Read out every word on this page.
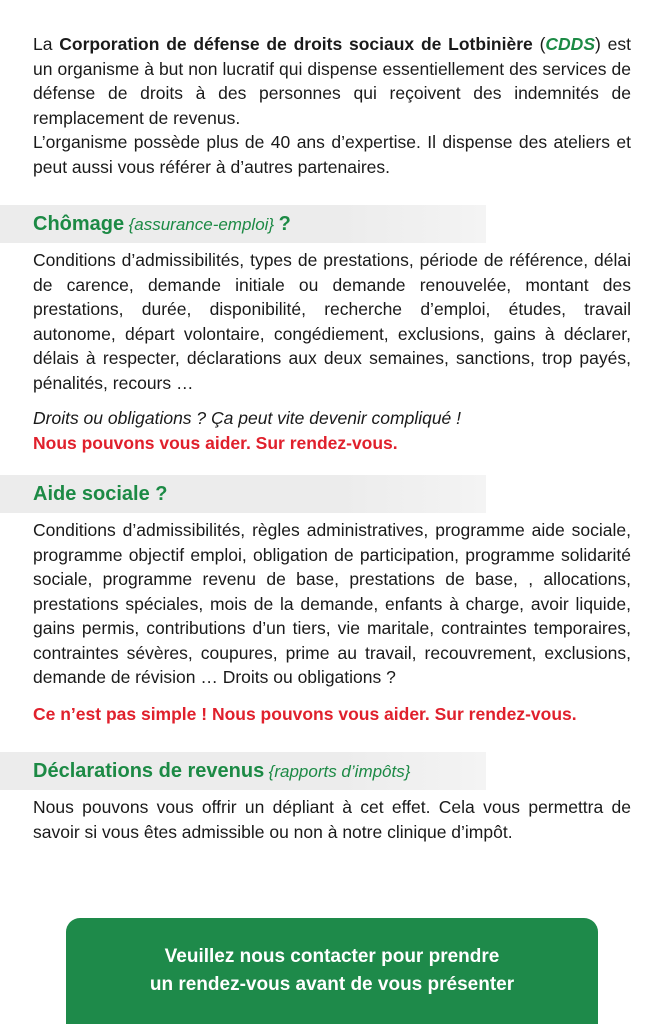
La Corporation de défense de droits sociaux de Lotbinière (CDDS) est un organisme à but non lucratif qui dispense essentiellement des services de défense de droits à des personnes qui reçoivent des indemnités de remplacement de revenus.

L’organisme possède plus de 40 ans d’expertise. Il dispense des ateliers et peut aussi vous référer à d’autres partenaires.

Chômage {assurance-emploi} ?

Conditions d’admissibilités, types de prestations, période de référence, délai de carence, demande initiale ou demande renouvelée, montant des prestations, durée, disponibilité, recherche d’emploi, études, travail autonome, départ volontaire, congédiement, exclusions, gains à déclarer, délais à respecter, déclarations aux deux semaines, sanctions, trop payés, pénalités, recours …

Droits ou obligations ? Ça peut vite devenir compliqué !

Nous pouvons vous aider. Sur rendez-vous.

Aide sociale ?

Conditions d’admissibilités, règles administratives, programme aide sociale, programme objectif emploi, obligation de participation, programme solidarité sociale, programme revenu de base, prestations de base, , allocations, prestations spéciales, mois de la demande, enfants à charge, avoir liquide, gains permis, contributions d’un tiers, vie maritale, contraintes temporaires, contraintes sévères, coupures, prime au travail, recouvrement, exclusions, demande de révision … Droits ou obligations ?

Ce n’est pas simple ! Nous pouvons vous aider. Sur rendez-vous.

Déclarations de revenus {rapports d’impôts}

Nous pouvons vous offrir un dépliant à cet effet. Cela vous permettra de savoir si vous êtes admissible ou non à notre clinique d’impôt.

Veuillez nous contacter pour prendre
un rendez-vous avant de vous présenter
